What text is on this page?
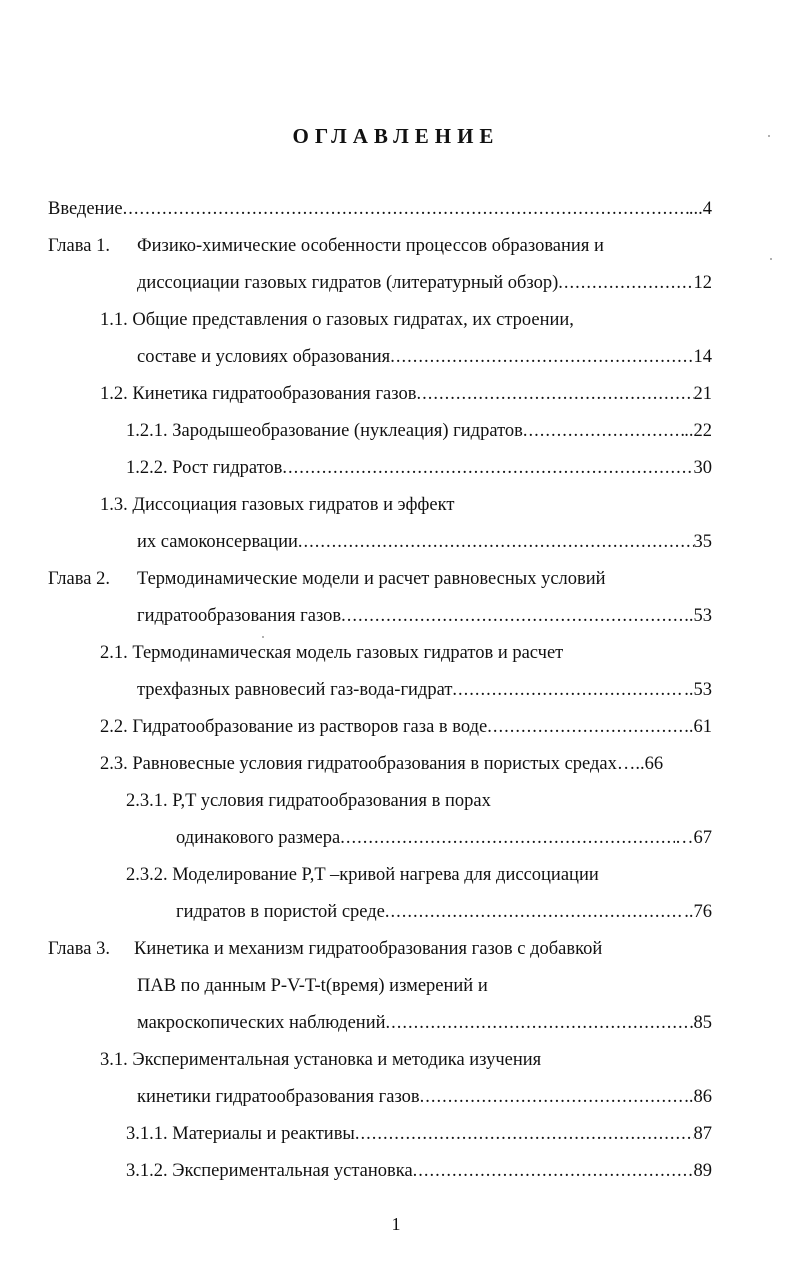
ОГЛАВЛЕНИЕ
Введение .....	...4
Глава 1. Физико-химические особенности процессов образования и
диссоциации газовых гидратов (литературный обзор) .....	12
1.1. Общие представления о газовых гидратах, их строении,
составе и условиях образования .....	14
1.2. Кинетика гидратообразования газов .....	21
1.2.1. Зародышеобразование (нуклеация) гидратов .....	..22
1.2.2. Рост гидратов .....	30
1.3. Диссоциация газовых гидратов и эффект
их самоконсервации .....	35
Глава 2. Термодинамические модели и расчет равновесных условий
гидратообразования газов .....	..53
2.1. Термодинамическая модель газовых гидратов и расчет
трехфазных равновесий газ-вода-гидрат .....	..53
2.2. Гидратообразование из растворов газа в воде .....	..61
2.3. Равновесные условия гидратообразования в пористых средах …..66
2.3.1. P,T условия гидратообразования в порах
одинакового размера .....	…67
2.3.2. Моделирование P,T –кривой нагрева для диссоциации
гидратов в пористой среде .....	..76
Глава 3. Кинетика и механизм гидратообразования газов с добавкой
ПАВ по данным P-V-T-t(время) измерений и
макроскопических наблюдений .....	85
3.1. Экспериментальная установка и методика изучения
кинетики гидратообразования газов .....	..86
3.1.1. Материалы и реактивы .....	87
3.1.2. Экспериментальная установка .....	89
1
